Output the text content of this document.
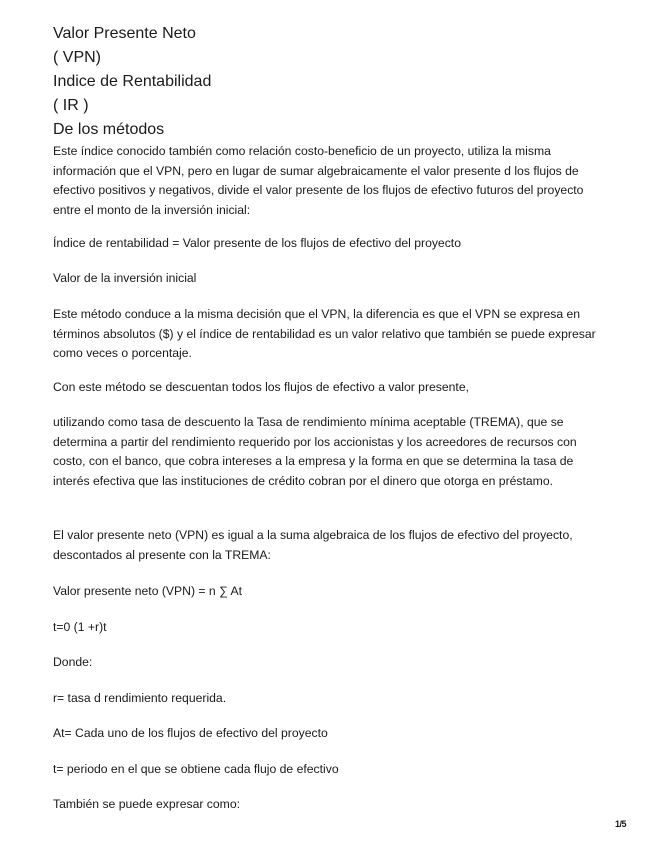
Valor Presente Neto
( VPN)
Indice de Rentabilidad
( IR )
De los métodos
Este índice conocido también como relación costo-beneficio de un proyecto, utiliza la misma información que el VPN, pero en lugar de sumar algebraicamente el valor presente d los flujos de efectivo positivos y negativos, divide el valor presente de los flujos de efectivo futuros del proyecto entre el monto de la inversión inicial:
Índice de rentabilidad = Valor presente de los flujos de efectivo del proyecto
Valor de la inversión inicial
Este método conduce a la misma decisión que el VPN, la diferencia es que el VPN se expresa en términos absolutos ($) y el índice de rentabilidad es un valor relativo que también se puede expresar como veces o porcentaje.
Con este método se descuentan todos los flujos de efectivo a valor presente,
utilizando como tasa de descuento la Tasa de rendimiento mínima aceptable (TREMA), que se determina a partir del rendimiento requerido por los accionistas y los acreedores de recursos con costo, con el banco, que cobra intereses a la empresa y la forma en que se determina la tasa de interés efectiva que las instituciones de crédito cobran por el dinero que otorga en préstamo.
El valor presente neto (VPN) es igual a la suma algebraica de los flujos de efectivo del proyecto, descontados al presente con la TREMA:
Valor presente neto (VPN) = n ∑ At
t=0 (1 +r)t
Donde:
r= tasa d rendimiento requerida.
At= Cada uno de los flujos de efectivo del proyecto
t= periodo en el que se obtiene cada flujo de efectivo
También se puede expresar como:
1/5
